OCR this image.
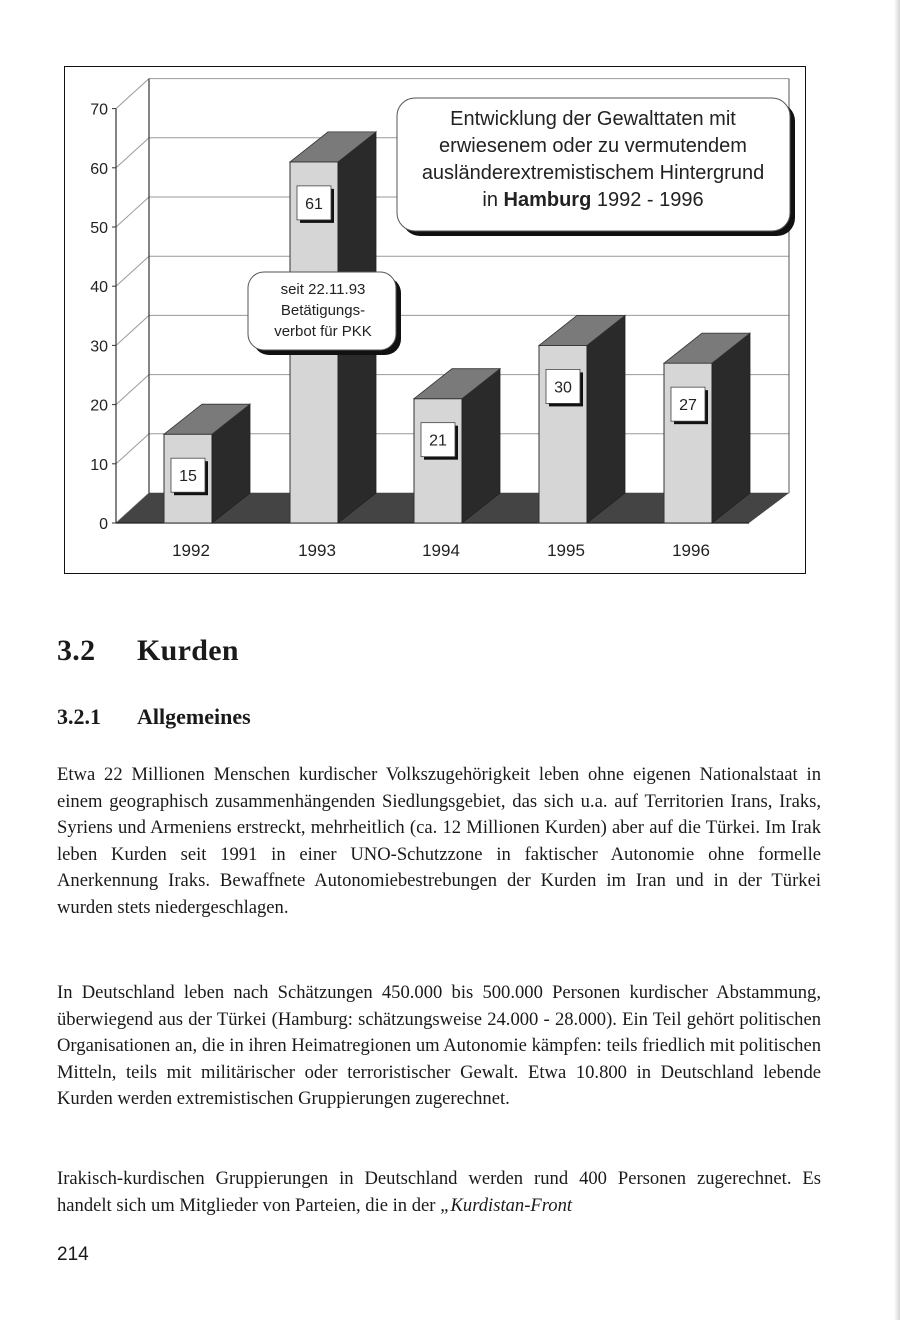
0
10
20
30
40
50
60
70
15
1992
61
1993
21
1994
30
1995
27
1996
Entwicklung der Gewalttaten mit
erwiesenem oder zu vermutendem
ausländerextremistischem Hintergrund
in Hamburg 1992 - 1996
seit 22.11.93
Betätigungs-
verbot für PKK
3.2 Kurden
3.2.1 Allgemeines
Etwa 22 Millionen Menschen kurdischer Volkszugehörigkeit leben ohne eigenen Nationalstaat in einem geographisch zusammenhängenden Siedlungsgebiet, das sich u.a. auf Territorien Irans, Iraks, Syriens und Armeniens erstreckt, mehrheitlich (ca. 12 Millionen Kurden) aber auf die Türkei. Im Irak leben Kurden seit 1991 in einer UNO-Schutzzone in faktischer Autonomie ohne formelle Anerkennung Iraks. Bewaffnete Autonomiebestrebungen der Kurden im Iran und in der Türkei wurden stets niedergeschlagen.
In Deutschland leben nach Schätzungen 450.000 bis 500.000 Personen kurdischer Abstammung, überwiegend aus der Türkei (Hamburg: schätzungsweise 24.000 - 28.000). Ein Teil gehört politischen Organisationen an, die in ihren Heimatregionen um Autonomie kämpfen: teils friedlich mit politischen Mitteln, teils mit militärischer oder terroristischer Gewalt. Etwa 10.800 in Deutschland lebende Kurden werden extremistischen Gruppierungen zugerechnet.
Irakisch-kurdischen Gruppierungen in Deutschland werden rund 400 Personen zugerechnet. Es handelt sich um Mitglieder von Parteien, die in der „Kurdistan-Front
214
